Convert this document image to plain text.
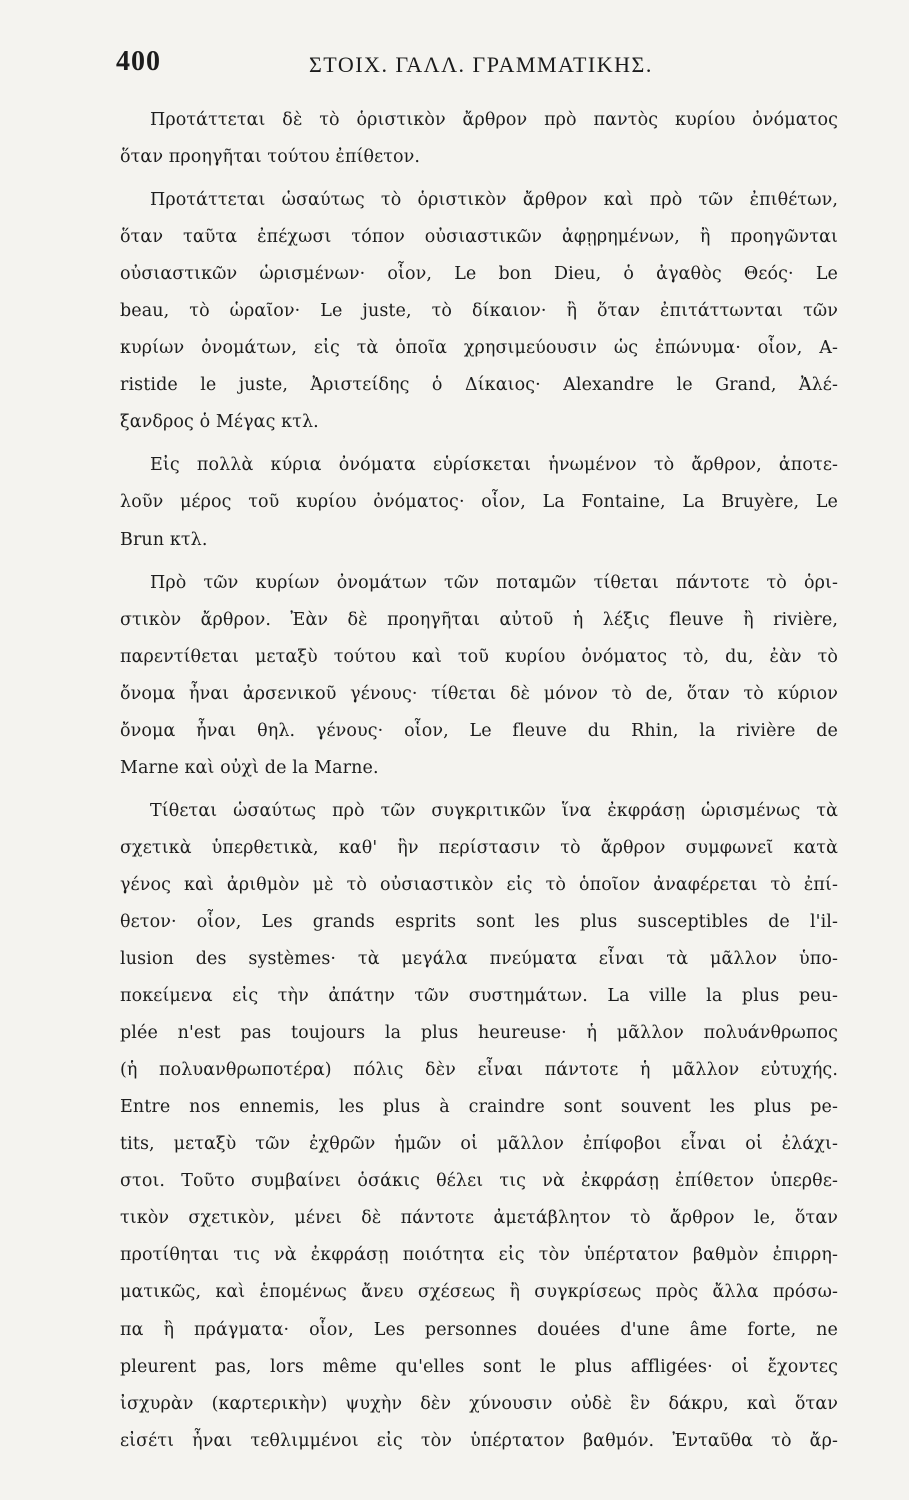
400	ΣΤΟΙΧ. ΓΑΛΛ. ΓΡΑΜΜΑΤΙΚΗΣ.
Προτάττεται δὲ τὸ ὁριστικὸν ἄρθρον πρὸ παντὸς κυρίου ὀνόματος
ὅταν προηγῆται τούτου ἐπίθετον.
Προτάττεται ὡσαύτως τὸ ὁριστικὸν ἄρθρον καὶ πρὸ τῶν ἐπιθέτων,
ὅταν ταῦτα ἐπέχωσι τόπον οὐσιαστικῶν ἀφῃρημένων, ἢ προηγῶνται
οὐσιαστικῶν ὡρισμένων· οἷον, Le bon Dieu, ὁ ἀγαθὸς Θεός· Le
beau, τὸ ὡραῖον· Le juste, τὸ δίκαιον· ἢ ὅταν ἐπιτάττωνται τῶν
κυρίων ὀνομάτων, εἰς τὰ ὁποῖα χρησιμεύουσιν ὡς ἐπώνυμα· οἷον, A-
ristide le juste, Ἀριστείδης ὁ Δίκαιος· Alexandre le Grand, Ἀλέ-
ξανδρος ὁ Μέγας κτλ.
Εἰς πολλὰ κύρια ὀνόματα εὑρίσκεται ἡνωμένον τὸ ἄρθρον, ἀποτε-
λοῦν μέρος τοῦ κυρίου ὀνόματος· οἷον, La Fontaine, La Bruyère, Le
Brun κτλ.
Πρὸ τῶν κυρίων ὀνομάτων τῶν ποταμῶν τίθεται πάντοτε τὸ ὁρι-
στικὸν ἄρθρον. Ἐὰν δὲ προηγῆται αὐτοῦ ἡ λέξις fleuve ἢ rivière,
παρεντίθεται μεταξὺ τούτου καὶ τοῦ κυρίου ὀνόματος τὸ, du, ἐὰν τὸ
ὄνομα ἦναι ἀρσενικοῦ γένους· τίθεται δὲ μόνον τὸ de, ὅταν τὸ κύριον
ὄνομα ἦναι θηλ. γένους· οἷον, Le fleuve du Rhin, la rivière de
Marne καὶ οὐχὶ de la Marne.
Τίθεται ὡσαύτως πρὸ τῶν συγκριτικῶν ἵνα ἐκφράσῃ ὡρισμένως τὰ
σχετικὰ ὑπερθετικὰ, καθ' ἣν περίστασιν τὸ ἄρθρον συμφωνεῖ κατὰ
γένος καὶ ἀριθμὸν μὲ τὸ οὐσιαστικὸν εἰς τὸ ὁποῖον ἀναφέρεται τὸ ἐπί-
θετον· οἷον, Les grands esprits sont les plus susceptibles de l'il-
lusion des systèmes· τὰ μεγάλα πνεύματα εἶναι τὰ μᾶλλον ὑπο-
ποκείμενα εἰς τὴν ἀπάτην τῶν συστημάτων. La ville la plus peu-
plée n'est pas toujours la plus heureuse· ἡ μᾶλλον πολυάνθρωπος
(ἡ πολυανθρωποτέρα) πόλις δὲν εἶναι πάντοτε ἡ μᾶλλον εὐτυχής.
Entre nos ennemis, les plus à craindre sont souvent les plus pe-
tits, μεταξὺ τῶν ἐχθρῶν ἡμῶν οἱ μᾶλλον ἐπίφοβοι εἶναι οἱ ἐλάχι-
στοι. Τοῦτο συμβαίνει ὁσάκις θέλει τις νὰ ἐκφράσῃ ἐπίθετον ὑπερθε-
τικὸν σχετικὸν, μένει δὲ πάντοτε ἀμετάβλητον τὸ ἄρθρον le, ὅταν
προτίθηται τις νὰ ἐκφράσῃ ποιότητα εἰς τὸν ὑπέρτατον βαθμὸν ἐπιρρη-
ματικῶς, καὶ ἑπομένως ἄνευ σχέσεως ἢ συγκρίσεως πρὸς ἄλλα πρόσω-
πα ἢ πράγματα· οἷον, Les personnes douées d'une âme forte, ne
pleurent pas, lors même qu'elles sont le plus affligées· οἱ ἔχοντες
ἰσχυρὰν (καρτερικὴν) ψυχὴν δὲν χύνουσιν οὐδὲ ἓν δάκρυ, καὶ ὅταν
εἰσέτι ἦναι τεθλιμμένοι εἰς τὸν ὑπέρτατον βαθμόν. Ἐνταῦθα τὸ ἄρ-
